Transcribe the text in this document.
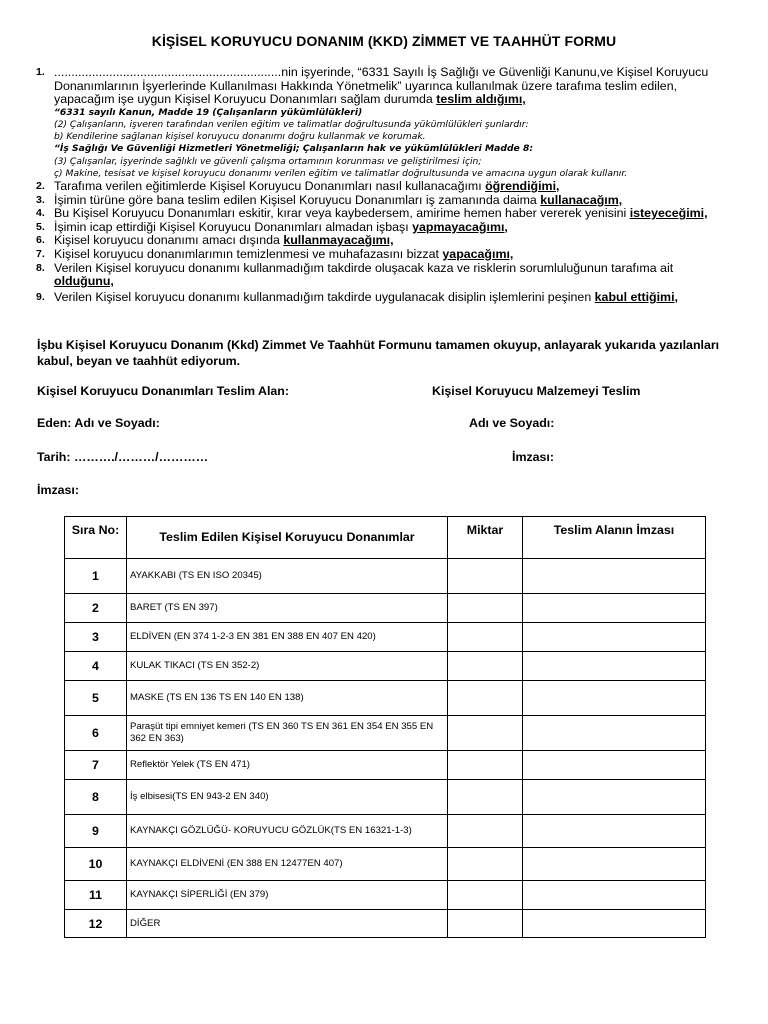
KİŞİSEL KORUYUCU DONANIM (KKD) ZİMMET VE TAAHHÜT FORMU
1. ..................................................................nin işyerinde, “6331 Sayılı İş Sağlığı ve Güvenliği Kanunu,ve Kişisel Koruyucu Donanımlarının İşyerlerinde Kullanılması Hakkında Yönetmelik” uyarınca kullanılmak üzere tarafıma teslim edilen, yapacağım işe uygun Kişisel Koruyucu Donanımları sağlam durumda teslim aldığımı,
“6331 sayılı Kanun, Madde 19 (Çalışanların yükümlülükleri)
(2) Çalışanların, işveren tarafından verilen eğitim ve talimatlar doğrultusunda yükümlülükleri şunlardır:
b) Kendilerine sağlanan kişisel koruyucu donanımı doğru kullanmak ve korumak.
“İş Sağlığı Ve Güvenliği Hizmetleri Yönetmeliği; Çalışanların hak ve yükümlülükleri Madde 8:
(3) Çalışanlar, işyerinde sağlıklı ve güvenli çalışma ortamının korunması ve geliştirilmesi için;
ç) Makine, tesisat ve kişisel koruyucu donanımı verilen eğitim ve talimatlar doğrultusunda ve amacına uygun olarak kullanır.
2. Tarafıma verilen eğitimlerde Kişisel Koruyucu Donanımları nasıl kullanacağımı öğrendiğimi,
3. İşimin türüne göre bana teslim edilen Kişisel Koruyucu Donanımları iş zamanında daima kullanacağım,
4. Bu Kişisel Koruyucu Donanımları eskitir, kırar veya kaybedersem, amirime hemen haber vererek yenisini isteyeceğimi,
5. İşimin icap ettirdiği Kişisel Koruyucu Donanımları almadan işbaşı yapmayacağımı,
6. Kişisel koruyucu donanımı amacı dışında kullanmayacağımı,
7. Kişisel koruyucu donanımlarımın temizlenmesi ve muhafazasını bizzat yapacağımı,
8. Verilen Kişisel koruyucu donanımı kullanmadığım takdirde oluşacak kaza ve risklerin sorumluluğunun tarafıma ait olduğunu,
9. Verilen Kişisel koruyucu donanımı kullanmadığım takdirde uygulanacak disiplin işlemlerini peşinen kabul ettiğimi,
İşbu Kişisel Koruyucu Donanım (Kkd) Zimmet Ve Taahhüt Formunu tamamen okuyup, anlayarak yukarıda yazılanları kabul, beyan ve taahhüt ediyorum.
Kişisel Koruyucu Donanımları Teslim Alan:	Kişisel Koruyucu Malzemeyi Teslim
Eden: Adı ve Soyadı:	Adı ve Soyadı:
Tarih: ………./………/…………	İmzası:
İmzası:
Sıra No:	Teslim Edilen Kişisel Koruyucu Donanımlar	Miktar	Teslim Alanın İmzası
1	AYAKKABI (TS EN ISO 20345)		
2	BARET (TS EN 397)		
3	ELDİVEN (EN 374 1-2-3 EN 381 EN 388 EN 407 EN 420)		
4	KULAK TIKACI (TS EN 352-2)		
5	MASKE (TS EN 136 TS EN 140 EN 138)		
6	Paraşüt tipi emniyet kemeri (TS EN 360 TS EN 361 EN 354 EN 355 EN 362 EN 363)		
7	Reflektör Yelek (TS EN 471)		
8	İş elbisesi(TS EN 943-2 EN 340)		
9	KAYNAKÇI GÖZLÜĞÜ- KORUYUCU GÖZLÜK(TS EN 16321-1-3)		
10	KAYNAKÇI ELDİVENİ (EN 388 EN 12477EN 407)		
11	KAYNAKÇI SİPERLİĞİ (EN 379)		
12	DİĞER		
